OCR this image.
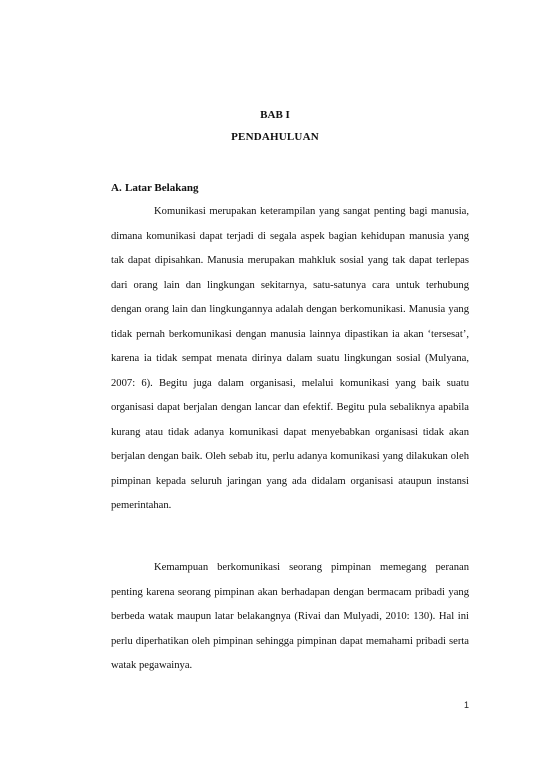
BAB I
PENDAHULUAN
A. Latar Belakang

Komunikasi merupakan keterampilan yang sangat penting bagi manusia, dimana komunikasi dapat terjadi di segala aspek bagian kehidupan manusia yang tak dapat dipisahkan. Manusia merupakan mahkluk sosial yang tak dapat terlepas dari orang lain dan lingkungan sekitarnya, satu-satunya cara untuk terhubung dengan orang lain dan lingkungannya adalah dengan berkomunikasi. Manusia yang tidak pernah berkomunikasi dengan manusia lainnya dipastikan ia akan ‘tersesat’, karena ia tidak sempat menata dirinya dalam suatu lingkungan sosial (Mulyana, 2007: 6). Begitu juga dalam organisasi, melalui komunikasi yang baik suatu organisasi dapat berjalan dengan lancar dan efektif. Begitu pula sebaliknya apabila kurang atau tidak adanya komunikasi dapat menyebabkan organisasi tidak akan berjalan dengan baik. Oleh sebab itu, perlu adanya komunikasi yang dilakukan oleh pimpinan kepada seluruh jaringan yang ada didalam organisasi ataupun instansi pemerintahan.

Kemampuan berkomunikasi seorang pimpinan memegang peranan penting karena seorang pimpinan akan berhadapan dengan bermacam pribadi yang berbeda watak maupun latar belakangnya (Rivai dan Mulyadi, 2010: 130). Hal ini perlu diperhatikan oleh pimpinan sehingga pimpinan dapat memahami pribadi serta watak pegawainya.

1
